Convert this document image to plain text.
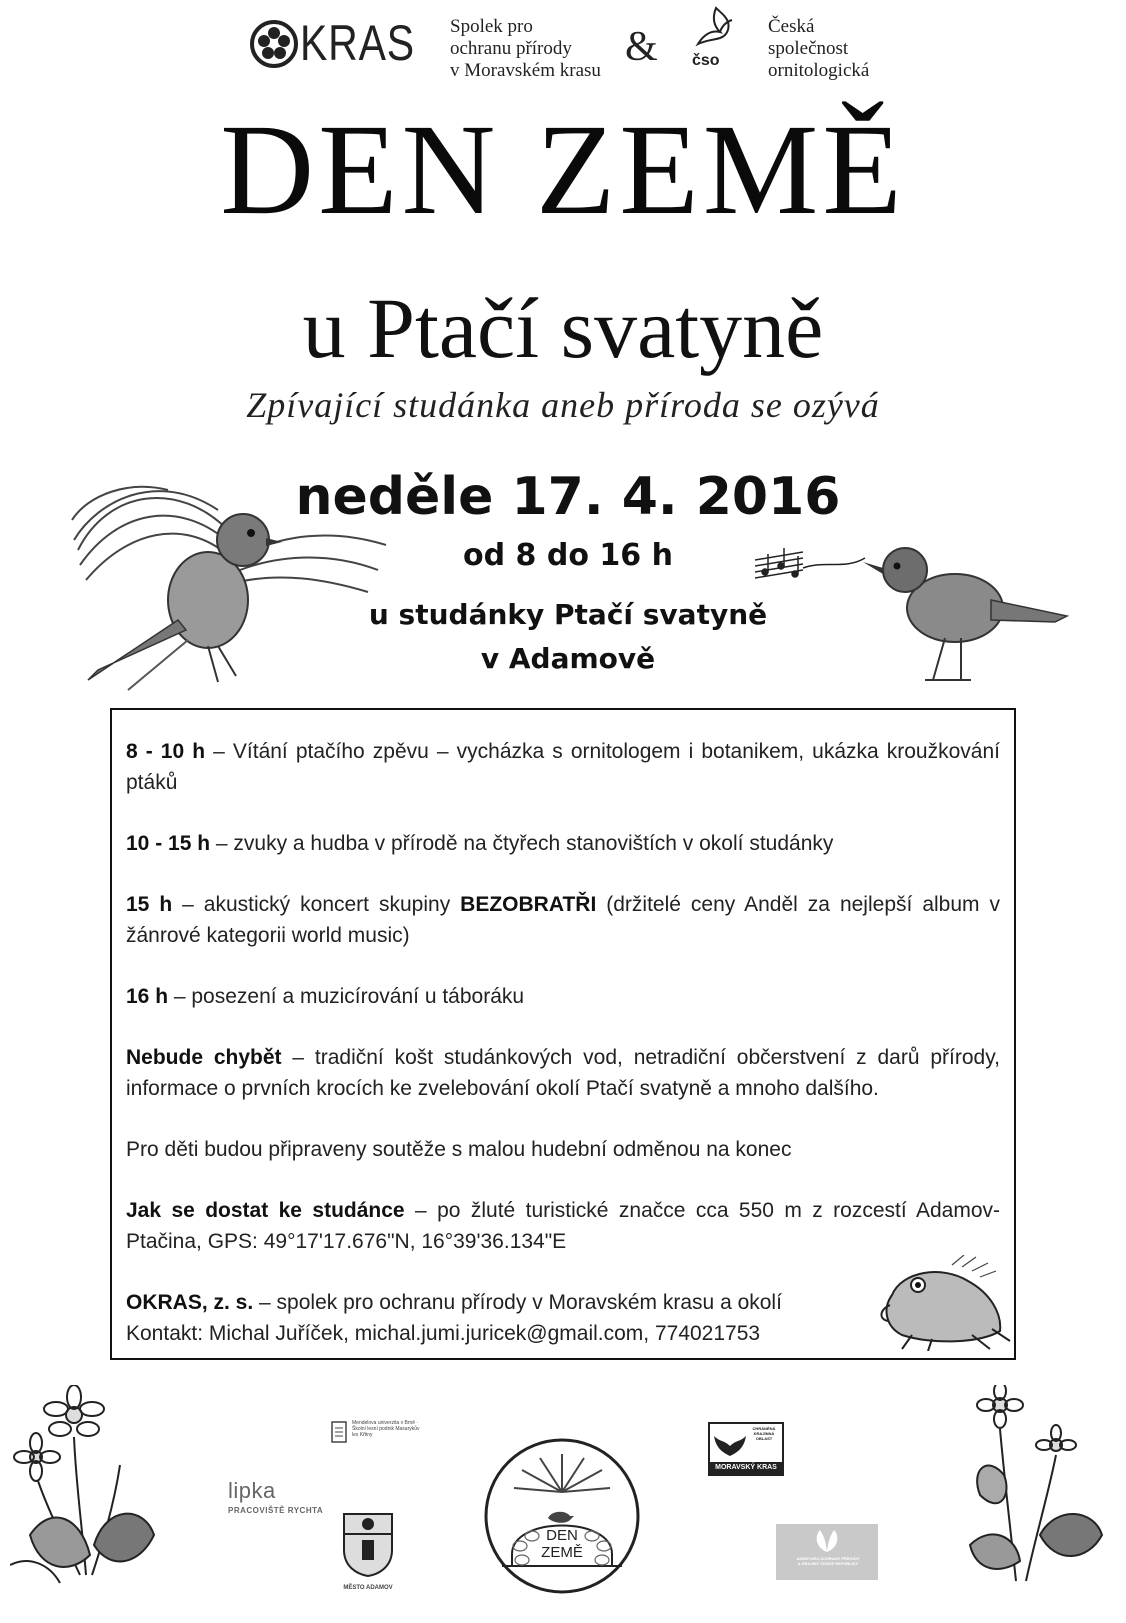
KRAS Spolek pro
ochranu přírody
v Moravském krasu
& čso
Česká
společnost
ornitologická
DEN ZEMĚ
u Ptačí svatyně
Zpívající studánka aneb příroda se ozývá
neděle 17. 4. 2016
od 8 do 16 h
u studánky Ptačí svatyně
v Adamově

8 - 10 h – Vítání ptačího zpěvu – vycházka s ornitologem i botanikem, ukázka kroužkování ptáků

10 - 15 h – zvuky a hudba v přírodě na čtyřech stanovištích v okolí studánky

15 h – akustický koncert skupiny BEZOBRATŘI (držitelé ceny Anděl za nejlepší album v žánrové kategorii world music)

16 h – posezení a muzicírování u táboráku

Nebude chybět – tradiční košt studánkových vod, netradiční občerstvení z darů přírody, informace o prvních krocích ke zvelebování okolí Ptačí svatyně a mnoho dalšího.

Pro děti budou připraveny soutěže s malou hudební odměnou na konec

Jak se dostat ke studánce – po žluté turistické značce cca 550 m z rozcestí Adamov-Ptačina, GPS: 49°17'17.676"N, 16°39'36.134"E

OKRAS, z. s. – spolek pro ochranu přírody v Moravském krasu a okolí
Kontakt: Michal Juříček, michal.jumi.juricek@gmail.com, 774021753

lipka
PRACOVIŠTĚ RYCHTA
Mendelova univerzita v Brně · Školní lesní podnik Masarykův les Křtiny
MĚSTO ADAMOV
DEN
ZEMĚ
CHRÁNĚNÁ KRAJINNÁ OBLAST
MORAVSKÝ KRAS
AGENTURA OCHRANY PŘÍRODY A KRAJINY ČESKÉ REPUBLIKY
